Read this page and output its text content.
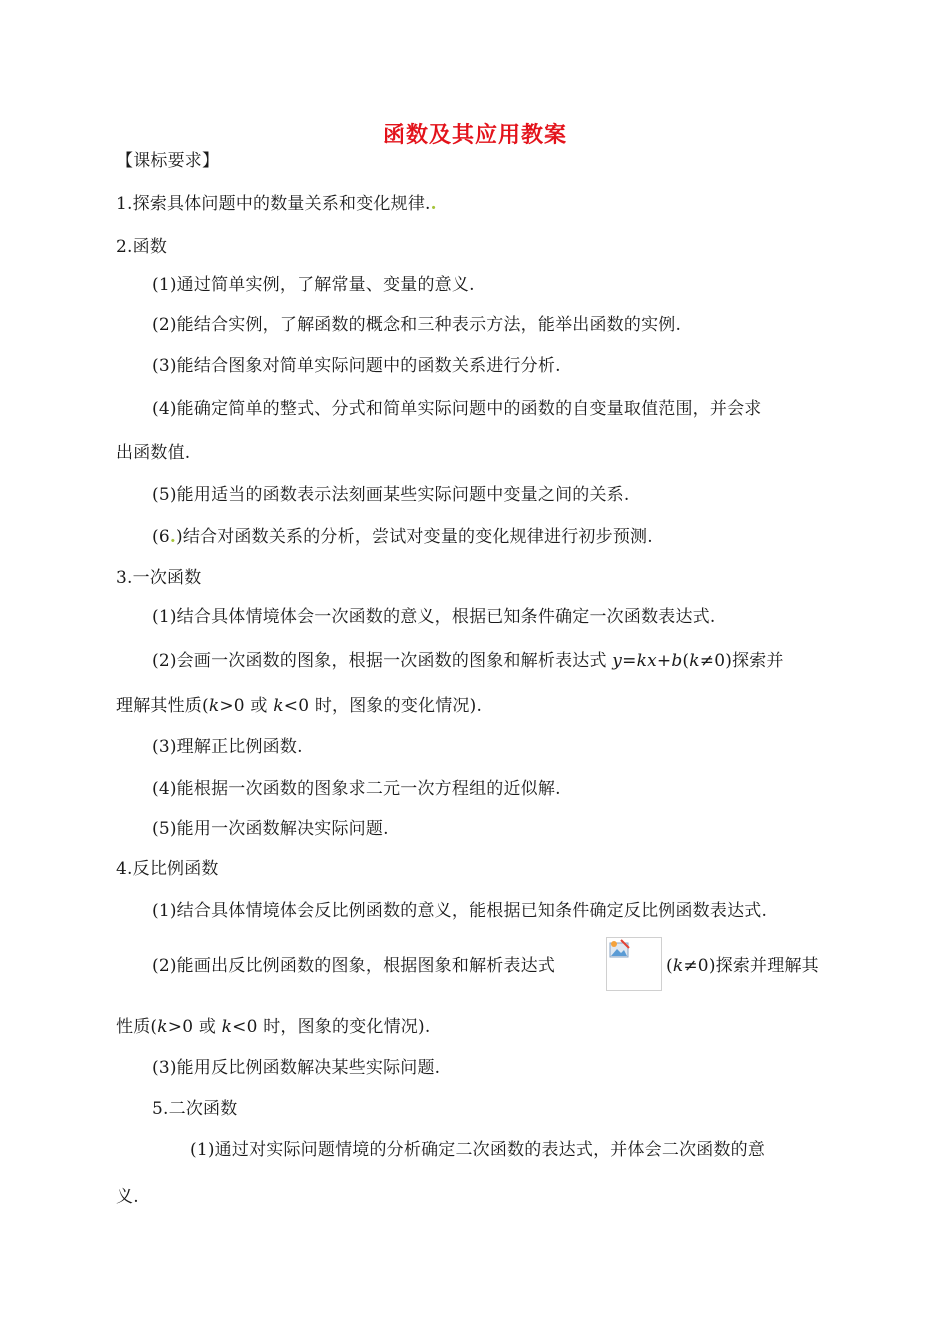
函数及其应用教案
【课标要求】
1.探索具体问题中的数量关系和变化规律..
2.函数
(1)通过简单实例，了解常量、变量的意义.
(2)能结合实例，了解函数的概念和三种表示方法，能举出函数的实例.
(3)能结合图象对简单实际问题中的函数关系进行分析.
(4)能确定简单的整式、分式和简单实际问题中的函数的自变量取值范围，并会求
出函数值.
(5)能用适当的函数表示法刻画某些实际问题中变量之间的关系.
(6.)结合对函数关系的分析，尝试对变量的变化规律进行初步预测.
3.一次函数
(1)结合具体情境体会一次函数的意义，根据已知条件确定一次函数表达式.
(2)会画一次函数的图象，根据一次函数的图象和解析表达式 y=kx+b(k≠0)探索并
理解其性质(k>0 或 k<0 时，图象的变化情况).
(3)理解正比例函数.
(4)能根据一次函数的图象求二元一次方程组的近似解.
(5)能用一次函数解决实际问题.
4.反比例函数
(1)结合具体情境体会反比例函数的意义，能根据已知条件确定反比例函数表达式.
(2)能画出反比例函数的图象，根据图象和解析表达式	(k≠0)探索并理解其
性质(k>0 或 k<0 时，图象的变化情况).
(3)能用反比例函数解决某些实际问题.
5.二次函数
(1)通过对实际问题情境的分析确定二次函数的表达式，并体会二次函数的意
义.
